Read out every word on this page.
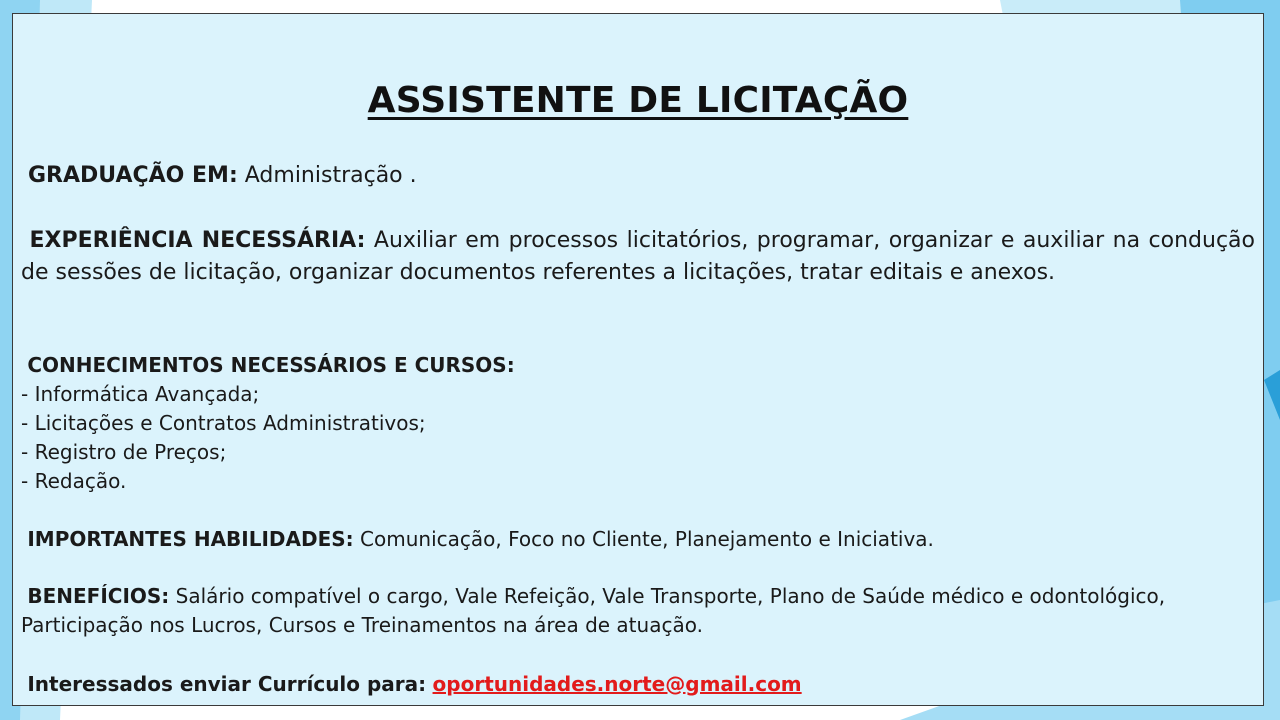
ASSISTENTE DE LICITAÇÃO
GRADUAÇÃO EM: Administração .
EXPERIÊNCIA NECESSÁRIA: Auxiliar em processos licitatórios, programar, organizar e auxiliar na condução de sessões de licitação, organizar documentos referentes a licitações, tratar editais e anexos.
CONHECIMENTOS NECESSÁRIOS E CURSOS:
- Informática Avançada;
- Licitações e Contratos Administrativos;
- Registro de Preços;
- Redação.
IMPORTANTES HABILIDADES: Comunicação, Foco no Cliente, Planejamento e Iniciativa.
BENEFÍCIOS: Salário compatível o cargo, Vale Refeição, Vale Transporte, Plano de Saúde médico e odontológico, Participação nos Lucros, Cursos e Treinamentos na área de atuação.
Interessados enviar Currículo para: oportunidades.norte@gmail.com
